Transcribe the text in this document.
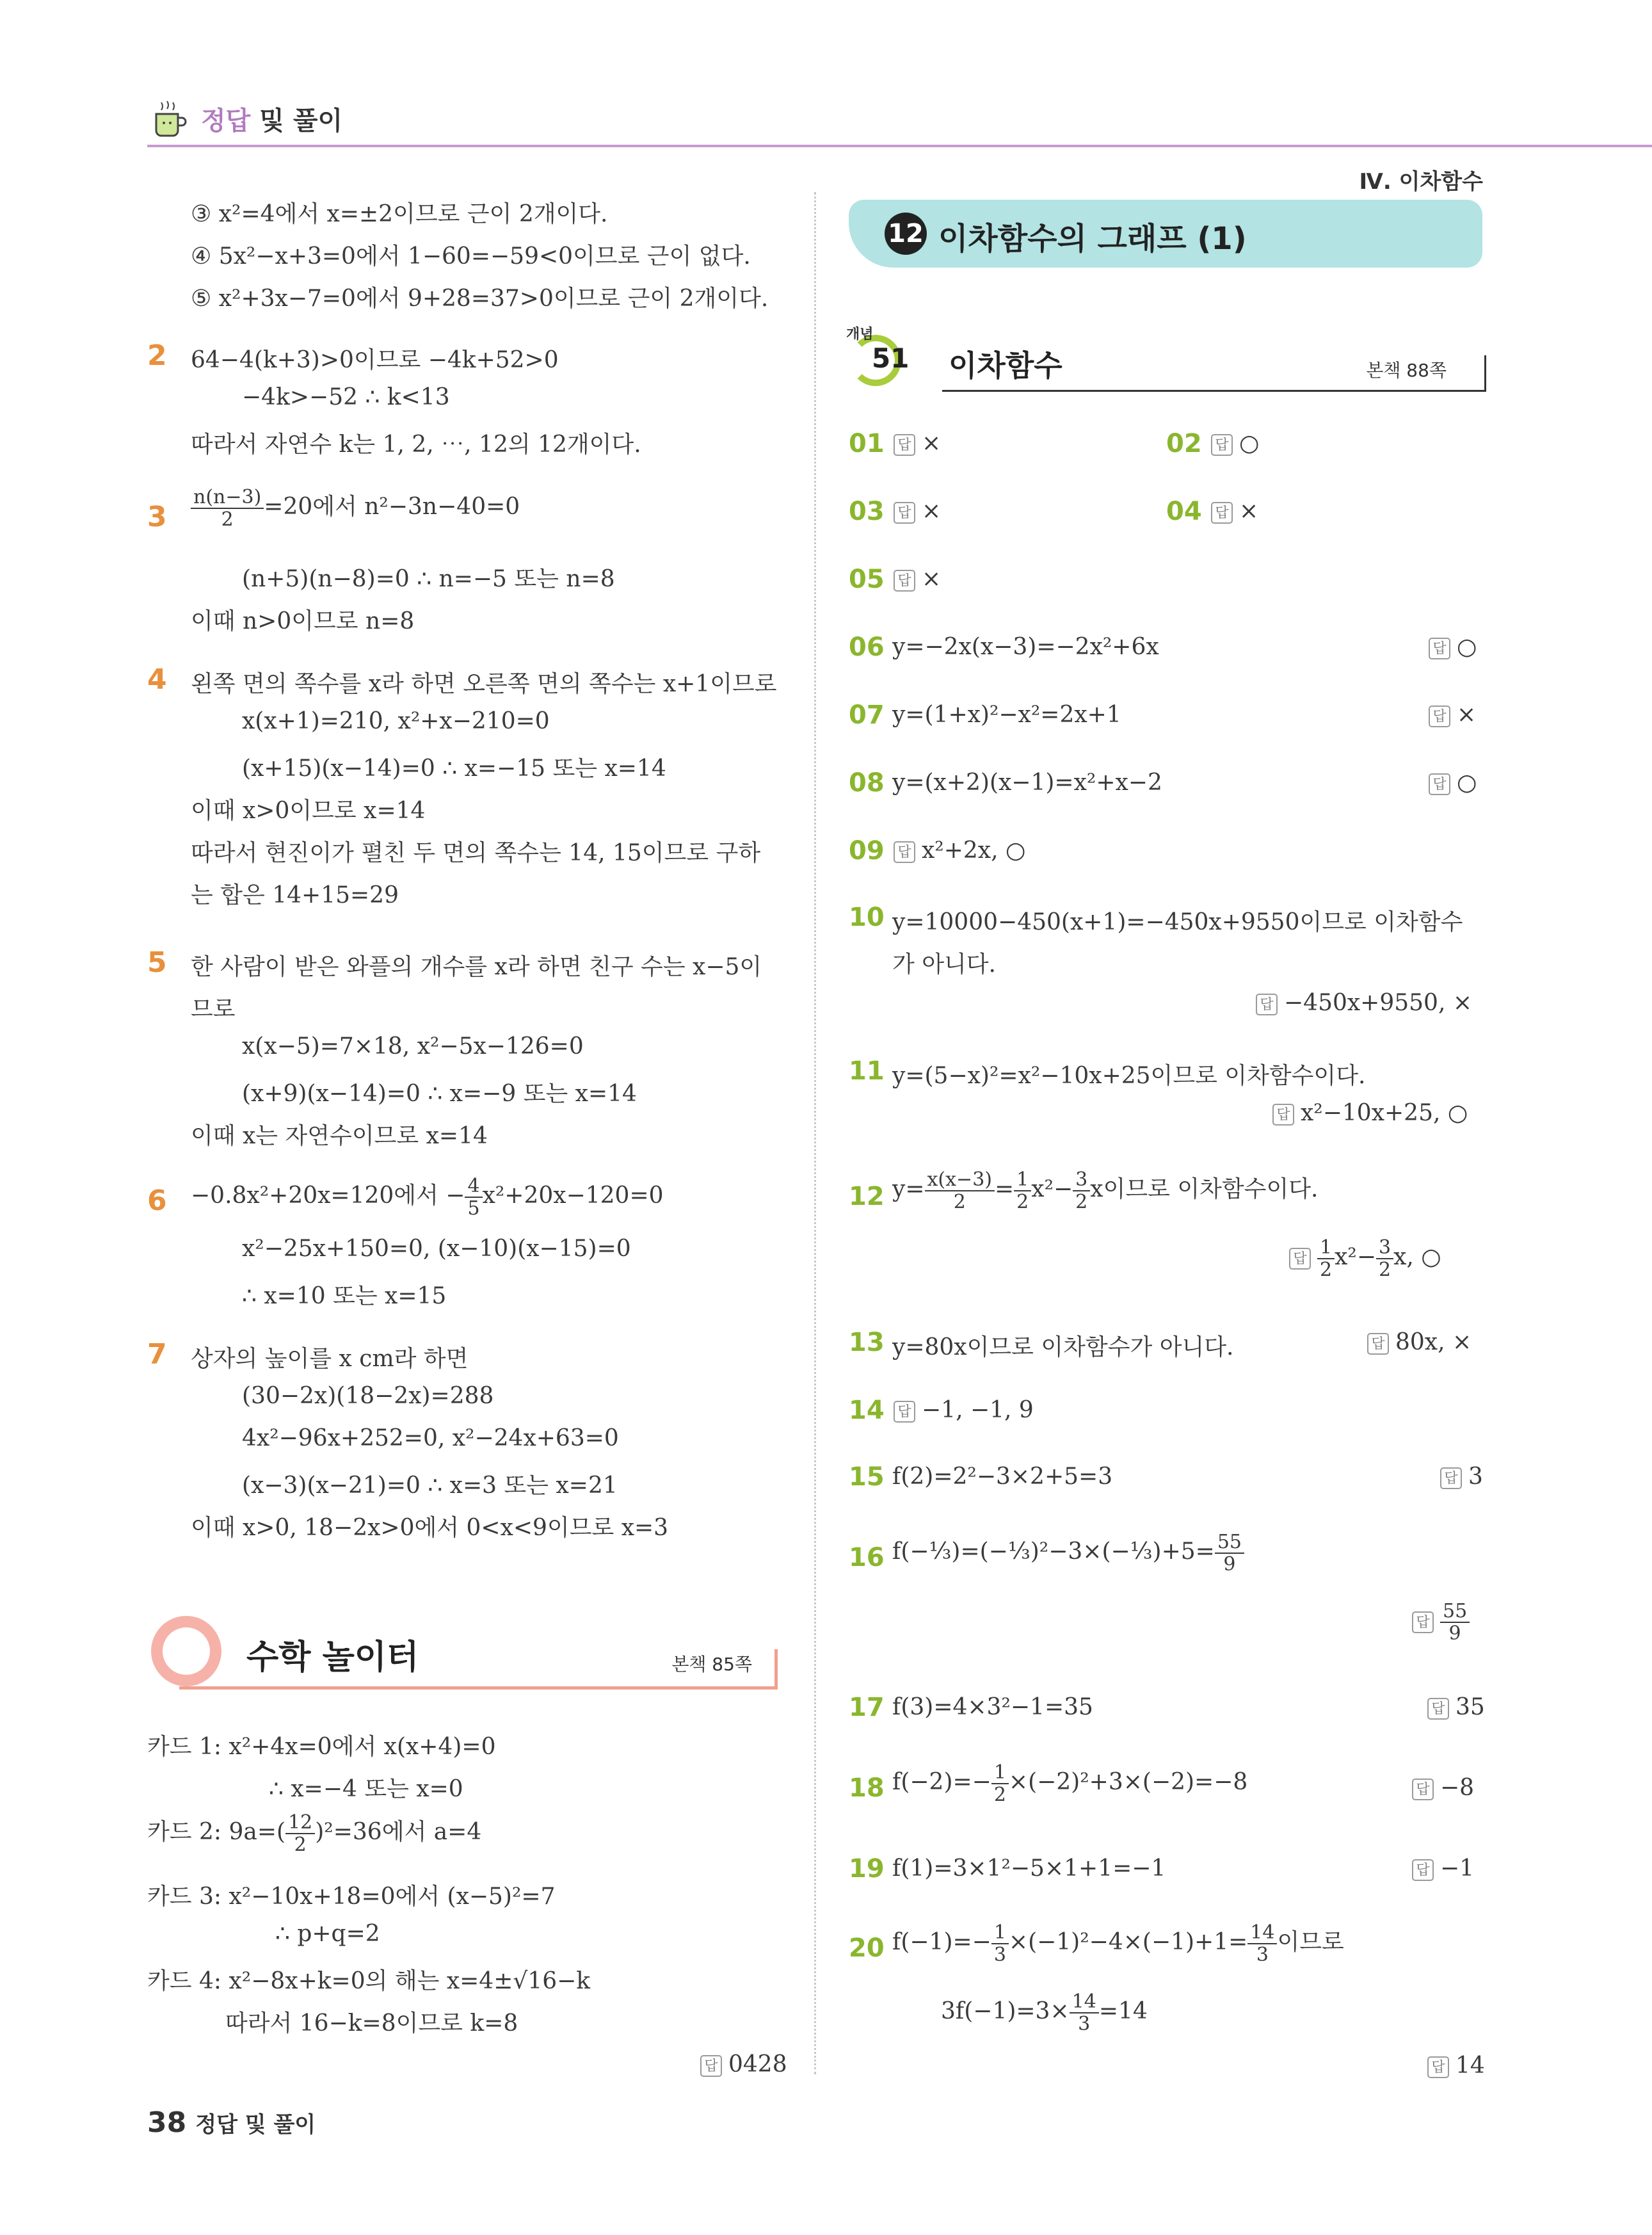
정답 및 풀이
Ⅳ. 이차함수
③ x²=4에서 x=±2이므로 근이 2개이다.
④ 5x²−x+3=0에서 1−60=−59<0이므로 근이 없다.
⑤ x²+3x−7=0에서 9+28=37>0이므로 근이 2개이다.
2 64−4(k+3)>0이므로 −4k+52>0
−4k>−52 ∴ k<13
따라서 자연수 k는 1, 2, ⋯, 12의 12개이다.
$3 \frac{n(n-3)}{2} =20$에서 n²−3n−40=0
(n+5)(n−8)=0 ∴ n=−5 또는 n=8
이때 n>0이므로 n=8
4 왼쪽 면의 쪽수를 x라 하면 오른쪽 면의 쪽수는 x+1이므로
x(x+1)=210, x²+x−210=0
(x+15)(x−14)=0 ∴ x=−15 또는 x=14
이때 x>0이므로 x=14
따라서 현진이가 펼친 두 면의 쪽수는 14, 15이므로 구하
는 합은 14+15=29
5 한 사람이 받은 와플의 개수를 x라 하면 친구 수는 x−5이
므로
x(x−5)=7×18, x²−5x−126=0
(x+9)(x−14)=0 ∴ x=−9 또는 x=14
이때 x는 자연수이므로 x=14
6 −0.8x²+20x=120에서 − $\frac{4}{5} x^2+20x-120=0$
x²−25x+150=0, (x−10)(x−15)=0
∴ x=10 또는 x=15
7 상자의 높이를 x cm라 하면
(30−2x)(18−2x)=288
4x²−96x+252=0, x²−24x+63=0
(x−3)(x−21)=0 ∴ x=3 또는 x=21
이때 x>0, 18−2x>0에서 0<x<9이므로 x=3
수학 놀이터	본책 85쪽
카드 1: x²+4x=0에서 x(x+4)=0
∴ x=−4 또는 x=0
카드 2: $9a=( \frac{12}{2} )^2=36$에서 a=4
카드 3: x²−10x+18=0에서 (x−5)²=7
∴ p+q=2
카드 4: x²−8x+k=0의 해는 x=4±√16−k
따라서 16−k=8이므로 k=8
답 0428
12 이차함수의 그래프 (1)
개념
51 이차함수	본책 88쪽
01 답 ×	02 답 ○
03 답 ×	04 답 ×
05 답 ×
06 y=−2x(x−3)=−2x²+6x	답 ○
07 y=(1+x)²−x²=2x+1	답 ×
08 y=(x+2)(x−1)=x²+x−2	답 ○
09 답 x²+2x, ○
10 y=10000−450(x+1)=−450x+9550이므로 이차함수
가 아니다.
답 −450x+9550, ×
11 y=(5−x)²=x²−10x+25이므로 이차함수이다.
답 x²−10x+25, ○
12 $y= \frac{x(x-3)}{2} = \frac{1}{2} x^2- \frac{3}{2}$ x이므로 이차함수이다.
답 $\frac{1}{2} x^2- \frac{3}{2} x$, ○
13 y=80x이므로 이차함수가 아니다.	답 80x, ×
14 답 −1, −1, 9
15 f(2)=2²−3×2+5=3	답 3
16 f(−⅓)=(−⅓)²−3×(−⅓)+5= $\frac{55}{9}$
답 $\frac{55}{9}$
17 f(3)=4×3²−1=35	답 35
18 $f(-2)=- \frac{1}{2} \times(-2)^2+3\times(-2)=-8$	답 −8
19 f(1)=3×1²−5×1+1=−1	답 −1
20 $f(-1)=- \frac{1}{3} \times(-1)^2-4\times(-1)+1= \frac{14}{3}$ 이므로
$3f(-1)=3\times \frac{14}{3} =14$
답 14
38 정답 및 풀이
